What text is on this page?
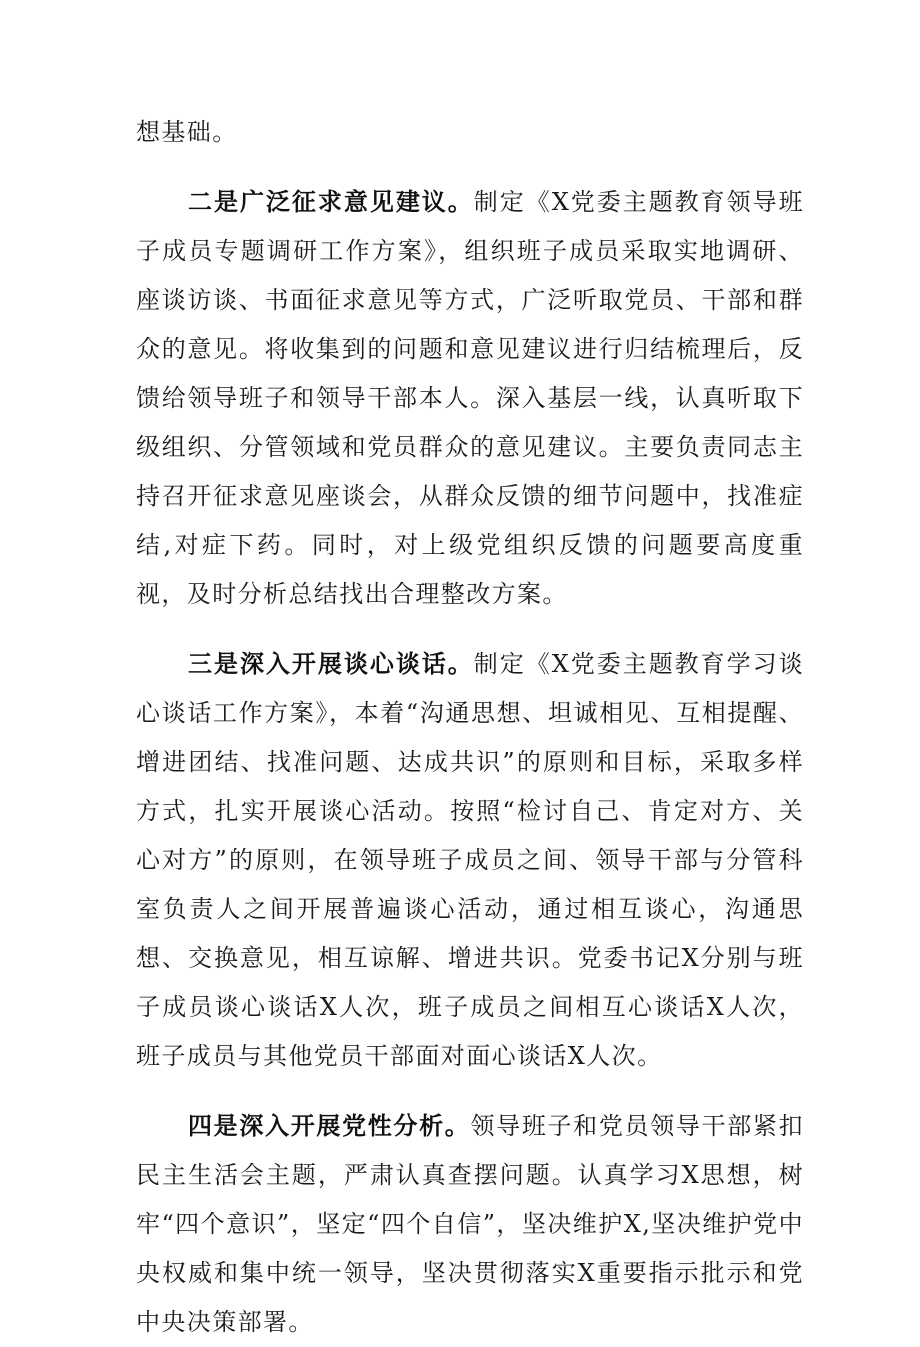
想基础。

二是广泛征求意见建议。制定《X党委主题教育领导班子成员专题调研工作方案》，组织班子成员采取实地调研、座谈访谈、书面征求意见等方式，广泛听取党员、干部和群众的意见。将收集到的问题和意见建议进行归结梳理后，反馈给领导班子和领导干部本人。深入基层一线，认真听取下级组织、分管领域和党员群众的意见建议。主要负责同志主持召开征求意见座谈会，从群众反馈的细节问题中，找准症结,对症下药。同时，对上级党组织反馈的问题要高度重视，及时分析总结找出合理整改方案。

三是深入开展谈心谈话。制定《X党委主题教育学习谈心谈话工作方案》，本着“沟通思想、坦诚相见、互相提醒、增进团结、找准问题、达成共识”的原则和目标，采取多样方式，扎实开展谈心活动。按照“检讨自己、肯定对方、关心对方”的原则，在领导班子成员之间、领导干部与分管科室负责人之间开展普遍谈心活动，通过相互谈心，沟通思想、交换意见，相互谅解、增进共识。党委书记X分别与班子成员谈心谈话X人次，班子成员之间相互心谈话X人次，班子成员与其他党员干部面对面心谈话X人次。

四是深入开展党性分析。领导班子和党员领导干部紧扣民主生活会主题，严肃认真查摆问题。认真学习X思想，树牢“四个意识”，坚定“四个自信”，坚决维护X,坚决维护党中央权威和集中统一领导，坚决贯彻落实X重要指示批示和党中央决策部署。
